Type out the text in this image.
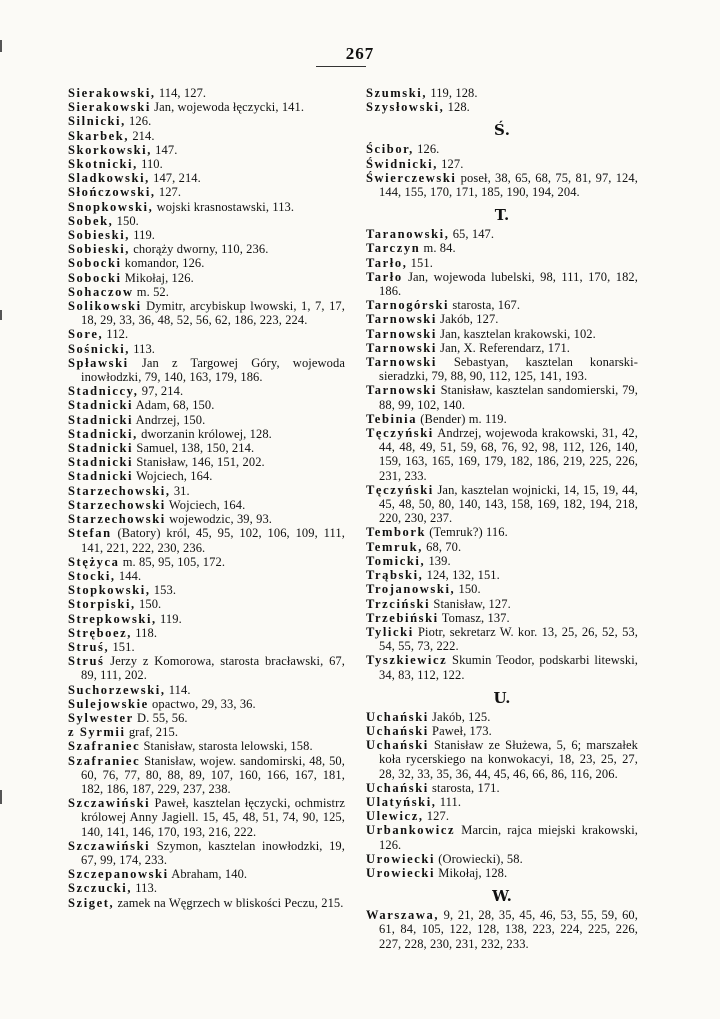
267

Sierakowski, 114, 127.

Sierakowski Jan, wojewoda łęczycki, 141.

Silnicki, 126.

Skarbek, 214.

Skorkowski, 147.

Skotnicki, 110.

Sladkowski, 147, 214.

Słończowski, 127.

Snopkowski, wojski krasnostawski, 113.

Sobek, 150.

Sobieski, 119.

Sobieski, chorąży dworny, 110, 236.

Sobocki komandor, 126.

Sobocki Mikołaj, 126.

Sohaczow m. 52.

Solikowski Dymitr, arcybiskup lwowski, 1, 7, 17, 18, 29, 33, 36, 48, 52, 56, 62, 186, 223, 224.

Sore, 112.

Sośnicki, 113.

Spławski Jan z Targowej Góry, wojewoda inowłodzki, 79, 140, 163, 179, 186.

Stadniccy, 97, 214.

Stadnicki Adam, 68, 150.

Stadnicki Andrzej, 150.

Stadnicki, dworzanin królowej, 128.

Stadnicki Samuel, 138, 150, 214.

Stadnicki Stanisław, 146, 151, 202.

Stadnicki Wojciech, 164.

Starzechowski, 31.

Starzechowski Wojciech, 164.

Starzechowski wojewodzic, 39, 93.

Stefan (Batory) król, 45, 95, 102, 106, 109, 111, 141, 221, 222, 230, 236.

Stężyca m. 85, 95, 105, 172.

Stocki, 144.

Stopkowski, 153.

Storpiski, 150.

Strepkowski, 119.

Stręboez, 118.

Struś, 151.

Struś Jerzy z Komorowa, starosta bracławski, 67, 89, 111, 202.

Suchorzewski, 114.

Sulejowskie opactwo, 29, 33, 36.

Sylwester D. 55, 56.

z Syrmii graf, 215.

Szafraniec Stanisław, starosta lelowski, 158.

Szafraniec Stanisław, wojew. sandomirski, 48, 50, 60, 76, 77, 80, 88, 89, 107, 160, 166, 167, 181, 182, 186, 187, 229, 237, 238.

Szczawiński Paweł, kasztelan łęczycki, ochmistrz królowej Anny Jagiell. 15, 45, 48, 51, 74, 90, 125, 140, 141, 146, 170, 193, 216, 222.

Szczawiński Szymon, kasztelan inowłodzki, 19, 67, 99, 174, 233.

Szczepanowski Abraham, 140.

Szczucki, 113.

Sziget, zamek na Węgrzech w bliskości Peczu, 215.

Szumski, 119, 128.

Szysłowski, 128.

Ś.

Ścibor, 126.

Świdnicki, 127.

Świerczewski poseł, 38, 65, 68, 75, 81, 97, 124, 144, 155, 170, 171, 185, 190, 194, 204.

T.

Taranowski, 65, 147.

Tarczyn m. 84.

Tarło, 151.

Tarło Jan, wojewoda lubelski, 98, 111, 170, 182, 186.

Tarnogórski starosta, 167.

Tarnowski Jakób, 127.

Tarnowski Jan, kasztelan krakowski, 102.

Tarnowski Jan, X. Referendarz, 171.

Tarnowski Sebastyan, kasztelan konarski-sieradzki, 79, 88, 90, 112, 125, 141, 193.

Tarnowski Stanisław, kasztelan sandomierski, 79, 88, 99, 102, 140.

Tebinia (Bender) m. 119.

Tęczyński Andrzej, wojewoda krakowski, 31, 42, 44, 48, 49, 51, 59, 68, 76, 92, 98, 112, 126, 140, 159, 163, 165, 169, 179, 182, 186, 219, 225, 226, 231, 233.

Tęczyński Jan, kasztelan wojnicki, 14, 15, 19, 44, 45, 48, 50, 80, 140, 143, 158, 169, 182, 194, 218, 220, 230, 237.

Tembork (Temruk?) 116.

Temruk, 68, 70.

Tomicki, 139.

Trąbski, 124, 132, 151.

Trojanowski, 150.

Trzciński Stanisław, 127.

Trzebiński Tomasz, 137.

Tylicki Piotr, sekretarz W. kor. 13, 25, 26, 52, 53, 54, 55, 73, 222.

Tyszkiewicz Skumin Teodor, podskarbi litewski, 34, 83, 112, 122.

U.

Uchański Jakób, 125.

Uchański Paweł, 173.

Uchański Stanisław ze Służewa, 5, 6; marszałek koła rycerskiego na konwokacyi, 18, 23, 25, 27, 28, 32, 33, 35, 36, 44, 45, 46, 66, 86, 116, 206.

Uchański starosta, 171.

Ulatyński, 111.

Ulewicz, 127.

Urbankowicz Marcin, rajca miejski krakowski, 126.

Urowiecki (Orowiecki), 58.

Urowiecki Mikołaj, 128.

W.

Warszawa, 9, 21, 28, 35, 45, 46, 53, 55, 59, 60, 61, 84, 105, 122, 128, 138, 223, 224, 225, 226, 227, 228, 230, 231, 232, 233.
